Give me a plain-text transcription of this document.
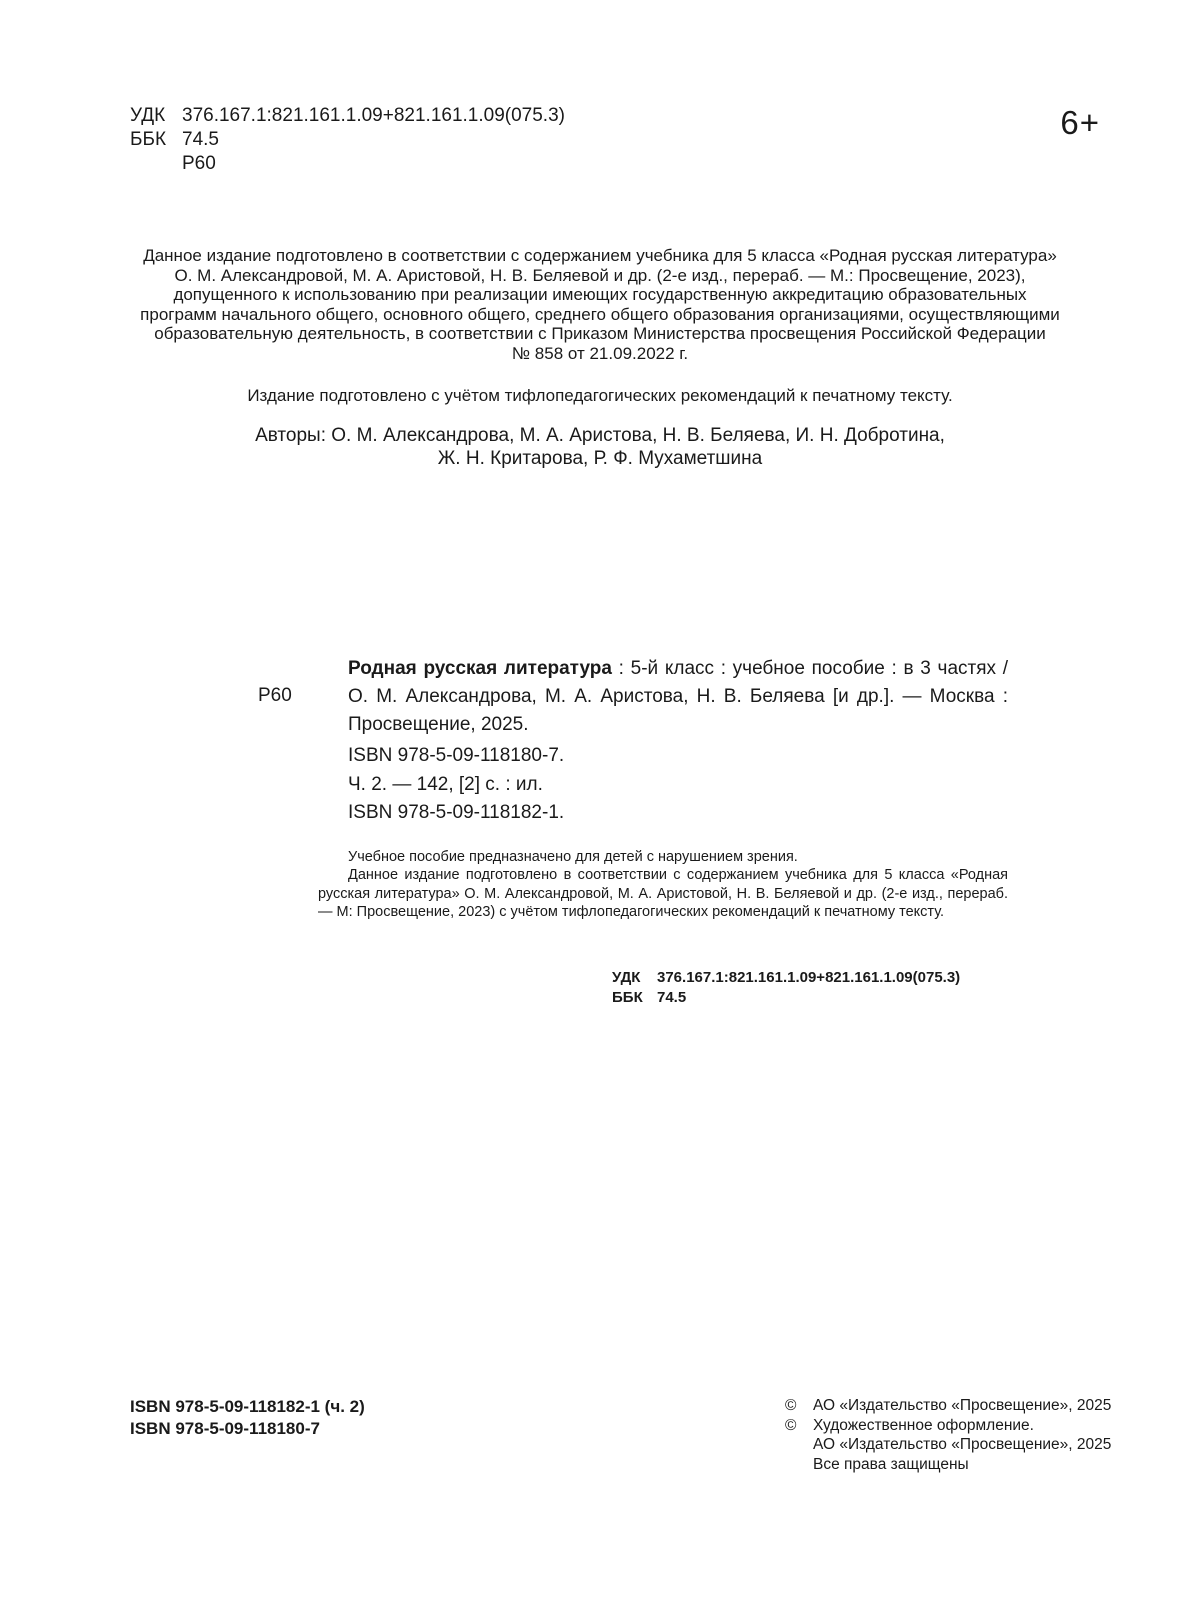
УДК 376.167.1:821.161.1.09+821.161.1.09(075.3)
ББК 74.5
Р60
6+
Данное издание подготовлено в соответствии с содержанием учебника для 5 класса «Родная русская литература»
О. М. Александровой, М. А. Аристовой, Н. В. Беляевой и др. (2-е изд., перераб. — М.: Просвещение, 2023),
допущенного к использованию при реализации имеющих государственную аккредитацию образовательных
программ начального общего, основного общего, среднего общего образования организациями, осуществляющими
образовательную деятельность, в соответствии с Приказом Министерства просвещения Российской Федерации
№ 858 от 21.09.2022 г.
Издание подготовлено с учётом тифлопедагогических рекомендаций к печатному тексту.
Авторы: О. М. Александрова, М. А. Аристова, Н. В. Беляева, И. Н. Добротина,
Ж. Н. Критарова, Р. Ф. Мухаметшина
Р60
Родная русская литература : 5-й класс : учебное пособие : в 3 частях / О. М. Александрова, М. А. Аристова, Н. В. Беляева [и др.]. — Москва : Просвещение, 2025.
ISBN 978-5-09-118180-7.
Ч. 2. — 142, [2] с. : ил.
ISBN 978-5-09-118182-1.
Учебное пособие предназначено для детей с нарушением зрения.
Данное издание подготовлено в соответствии с содержанием учебника для 5 класса «Родная русская литература» О. М. Александровой, М. А. Аристовой, Н. В. Беляевой и др. (2-е изд., перераб. — М: Просвещение, 2023) с учётом тифлопедагогических рекомендаций к печатному тексту.
УДК 376.167.1:821.161.1.09+821.161.1.09(075.3)
ББК 74.5
ISBN 978-5-09-118182-1 (ч. 2)
ISBN 978-5-09-118180-7
©	АО «Издательство «Просвещение», 2025
©	Художественное оформление.
АО «Издательство «Просвещение», 2025
Все права защищены
